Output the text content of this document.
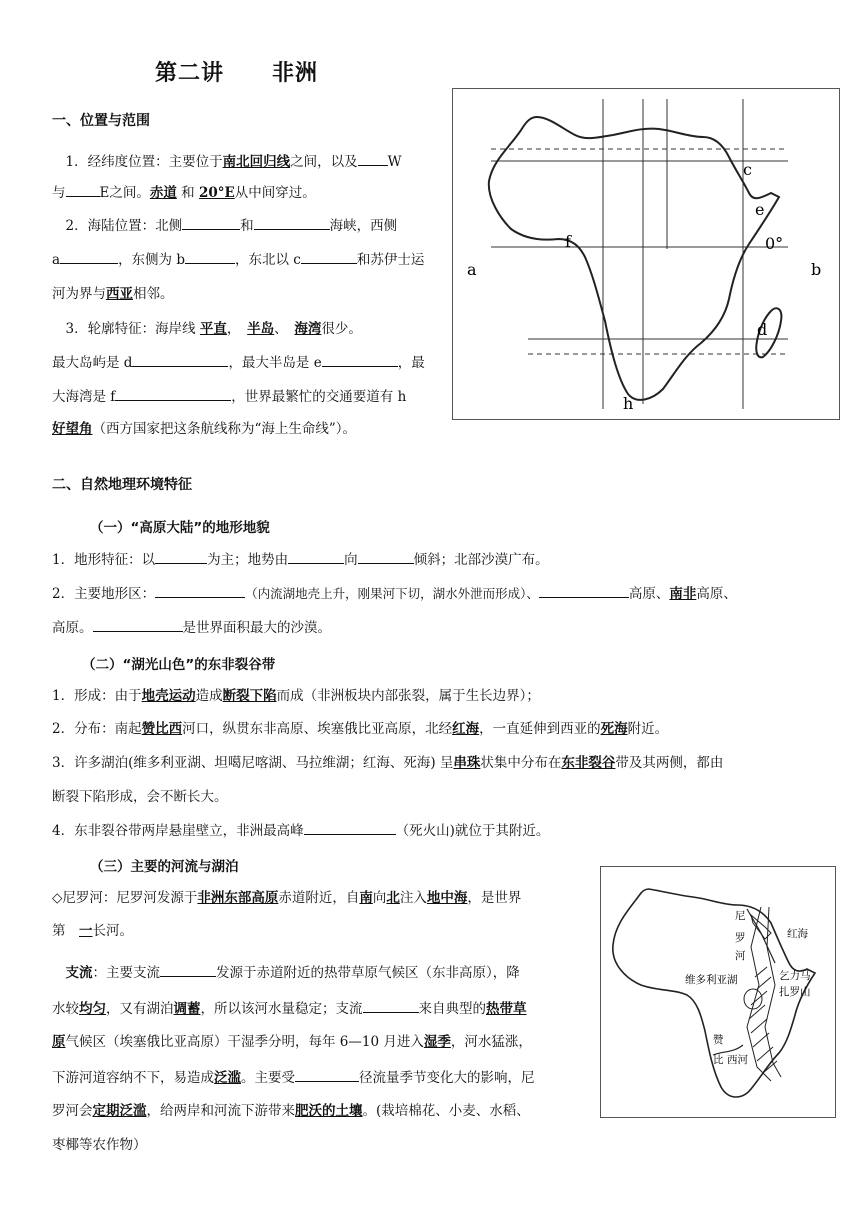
第二讲 非洲
一、位置与范围
　1．经纬度位置：主要位于南北回归线之间，以及 W
与	E之间。赤道 和 20°E从中间穿过。
　2．海陆位置：北侧	和	海峡，西侧
a	，东侧为 b	，东北以 c	和苏伊士运
河为界与西亚相邻。
　3．轮廓特征：海岸线 平直，　 半岛、　 海湾很少。
最大岛屿是 d	，最大半岛是 e	，最
大海湾是 f	，世界最繁忙的交通要道有 h
好望角（西方国家把这条航线称为“海上生命线”）。
a	b
c
d
e
f
h
0°
二、自然地理环境特征
（一）“高原大陆”的地形地貌
1．地形特征：以	为主；地势由	向	倾斜；北部沙漠广布。
2．主要地形区：	（内流湖地壳上升，刚果河下切，湖水外泄而形成）、	高原、南非高原、
高原。	是世界面积最大的沙漠。
（二）“湖光山色”的东非裂谷带
1．形成：由于地壳运动造成断裂下陷而成（非洲板块内部张裂，属于生长边界）；
2．分布：南起赞比西河口，纵贯东非高原、埃塞俄比亚高原，北经红海，一直延伸到西亚的死海附近。
3．许多湖泊(维多利亚湖、坦噶尼喀湖、马拉维湖；红海、死海) 呈串珠状集中分布在东非裂谷带及其两侧，都由
断裂下陷形成，会不断长大。
4．东非裂谷带两岸悬崖壁立，非洲最高峰	（死火山)就位于其附近。
（三）主要的河流与湖泊
◇尼罗河：尼罗河发源于非洲东部高原赤道附近，自南向北注入地中海，是世界
第　一长河。
　支流：主要支流	发源于赤道附近的热带草原气候区（东非高原），降
水较均匀，又有湖泊调蓄，所以该河水量稳定；支流	来自典型的热带草
原气候区（埃塞俄比亚高原）干湿季分明，每年 6—10 月进入湿季，河水猛涨，
下游河道容纳不下，易造成泛滥。主要受	径流量季节变化大的影响，尼
罗河会定期泛滥，给两岸和河流下游带来肥沃的土壤。(栽培棉花、小麦、水稻、
枣椰等农作物）
尼
罗
河
红海
维多利亚湖	乞力马
扎罗山
赞
比 西河
